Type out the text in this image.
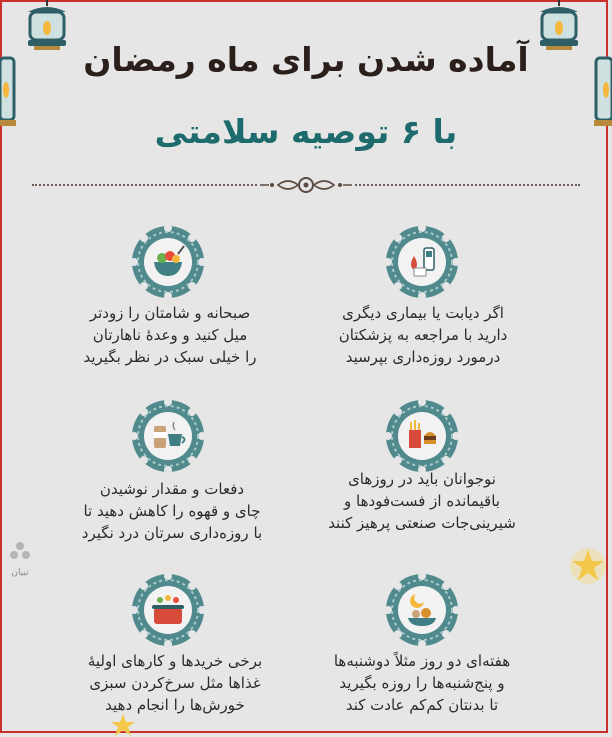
آماده شدن برای ماه رمضان
با ۶ توصیه سلامتی
اگر دیابت یا بیماری دیگری
دارید با مراجعه به پزشکتان
درمورد روزه‌داری بپرسید
صبحانه و شامتان را زودتر
میل کنید و وعدهٔ ناهارتان
را خیلی سبک در نظر بگیرید
نوجوانان باید در روزهای
باقیمانده از فست‌فودها و
شیرینی‌جات صنعتی پرهیز کنند
دفعات و مقدار نوشیدن
چای و قهوه را کاهش دهید تا
با روزه‌داری سرتان درد نگیرد
هفته‌ای دو روز مثلاً دوشنبه‌ها
و پنج‌شنبه‌ها را روزه بگیرید
تا بدنتان کم‌کم عادت کند
برخی خریدها و کارهای اولیهٔ
غذاها مثل سرخ‌کردن سبزی
خورش‌ها را انجام دهید
تبیان
